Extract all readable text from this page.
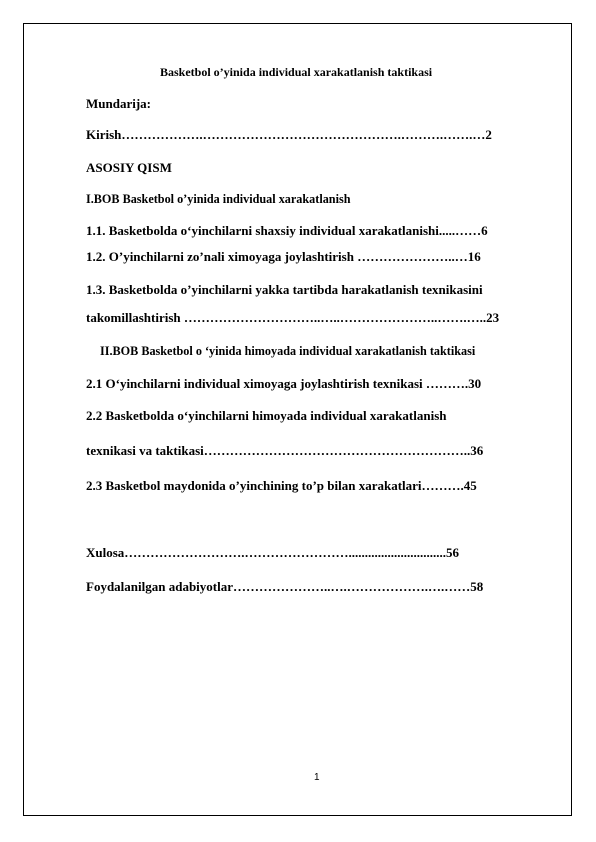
Basketbol o’yinida individual xarakatlanish taktikasi
Mundarija:
Kirish……………….……………………………………….……….…….…2
ASOSIY QISM
I.BOB Basketbol o’yinida individual xarakatlanish
1.1. Basketbolda o‘yinchilarni shaxsiy individual xarakatlanishi.....……6
1.2. O’yinchilarni zo’nali ximoyaga joylashtirish …………………..…16
1.3. Basketbolda o’yinchilarni yakka tartibda harakatlanish texnikasini
takomillashtirish …………………………..…..…………………..…….…..23
II.BOB Basketbol o ‘yinida himoyada individual xarakatlanish taktikasi
2.1 O‘yinchilarni individual ximoyaga joylashtirish texnikasi ……….30
2.2 Basketbolda o‘yinchilarni himoyada individual xarakatlanish
texnikasi va taktikasi……………………………………………………..36
2.3 Basketbol maydonida o’yinchining to’p bilan xarakatlari……….45
Xulosa……………………….……………………..............................56
Foydalanilgan adabiyotlar…………………..….……………….….……58
1
